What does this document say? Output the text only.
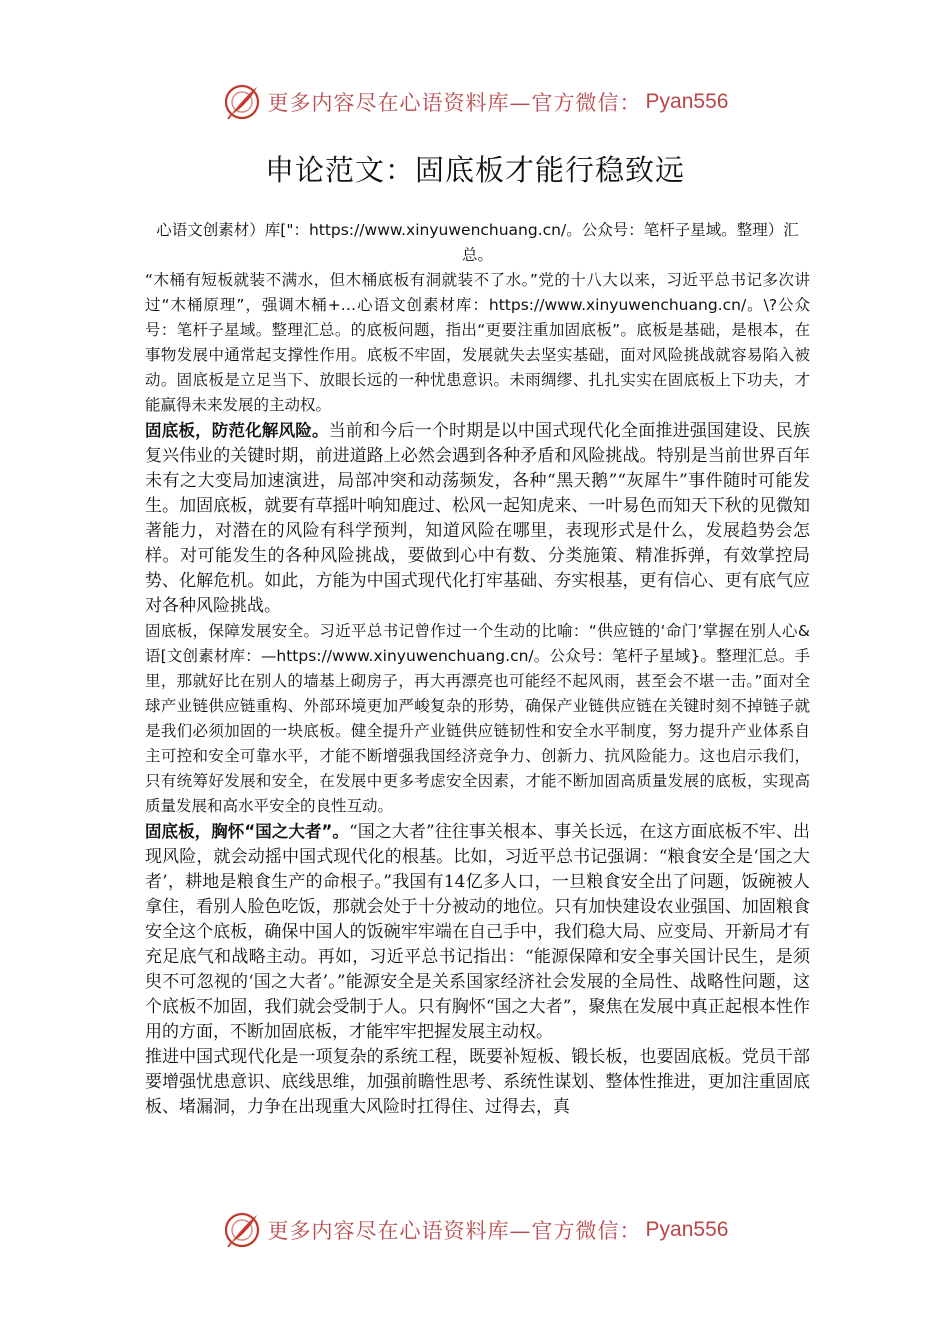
更多内容尽在心语资料库—官方微信： Pyan556
申论范文：固底板才能行稳致远
心语文创素材）库["：https://www.xinyuwenchuang.cn/。公众号：笔杆子星域。整理）汇总。

“木桶有短板就装不满水，但木桶底板有洞就装不了水。”党的十八大以来，习近平总书记多次讲过“木桶原理”，强调木桶+…心语文创素材库：https://www.xinyuwenchuang.cn/。\?公众号：笔杆子星域。整理汇总。的底板问题，指出“更要注重加固底板”。底板是基础，是根本，在事物发展中通常起支撑性作用。底板不牢固，发展就失去坚实基础，面对风险挑战就容易陷入被动。固底板是立足当下、放眼长远的一种忧患意识。未雨绸缪、扎扎实实在固底板上下功夫，才能赢得未来发展的主动权。

固底板，防范化解风险。当前和今后一个时期是以中国式现代化全面推进强国建设、民族复兴伟业的关键时期，前进道路上必然会遇到各种矛盾和风险挑战。特别是当前世界百年未有之大变局加速演进，局部冲突和动荡频发，各种“黑天鹅”“灰犀牛”事件随时可能发生。加固底板，就要有草摇叶响知鹿过、松风一起知虎来、一叶易色而知天下秋的见微知著能力，对潜在的风险有科学预判，知道风险在哪里，表现形式是什么，发展趋势会怎样。对可能发生的各种风险挑战，要做到心中有数、分类施策、精准拆弹，有效掌控局势、化解危机。如此，方能为中国式现代化打牢基础、夯实根基，更有信心、更有底气应对各种风险挑战。

固底板，保障发展安全。习近平总书记曾作过一个生动的比喻：“供应链的‘命门’掌握在别人心&语[文创素材库：—https://www.xinyuwenchuang.cn/。公众号：笔杆子星域}。整理汇总。手里，那就好比在别人的墙基上砌房子，再大再漂亮也可能经不起风雨，甚至会不堪一击。”面对全球产业链供应链重构、外部环境更加严峻复杂的形势，确保产业链供应链在关键时刻不掉链子就是我们必须加固的一块底板。健全提升产业链供应链韧性和安全水平制度，努力提升产业体系自主可控和安全可靠水平，才能不断增强我国经济竞争力、创新力、抗风险能力。这也启示我们，只有统筹好发展和安全，在发展中更多考虑安全因素，才能不断加固高质量发展的底板，实现高质量发展和高水平安全的良性互动。

固底板，胸怀“国之大者”。“国之大者”往往事关根本、事关长远，在这方面底板不牢、出现风险，就会动摇中国式现代化的根基。比如，习近平总书记强调：“粮食安全是‘国之大者’，耕地是粮食生产的命根子。”我国有14亿多人口，一旦粮食安全出了问题，饭碗被人拿住，看别人脸色吃饭，那就会处于十分被动的地位。只有加快建设农业强国、加固粮食安全这个底板，确保中国人的饭碗牢牢端在自己手中，我们稳大局、应变局、开新局才有充足底气和战略主动。再如，习近平总书记指出：“能源保障和安全事关国计民生，是须臾不可忽视的‘国之大者’。”能源安全是关系国家经济社会发展的全局性、战略性问题，这个底板不加固，我们就会受制于人。只有胸怀“国之大者”，聚焦在发展中真正起根本性作用的方面，不断加固底板，才能牢牢把握发展主动权。

推进中国式现代化是一项复杂的系统工程，既要补短板、锻长板，也要固底板。党员干部要增强忧患意识、底线思维，加强前瞻性思考、系统性谋划、整体性推进，更加注重固底板、堵漏洞，力争在出现重大风险时扛得住、过得去，真

更多内容尽在心语资料库—官方微信： Pyan556
